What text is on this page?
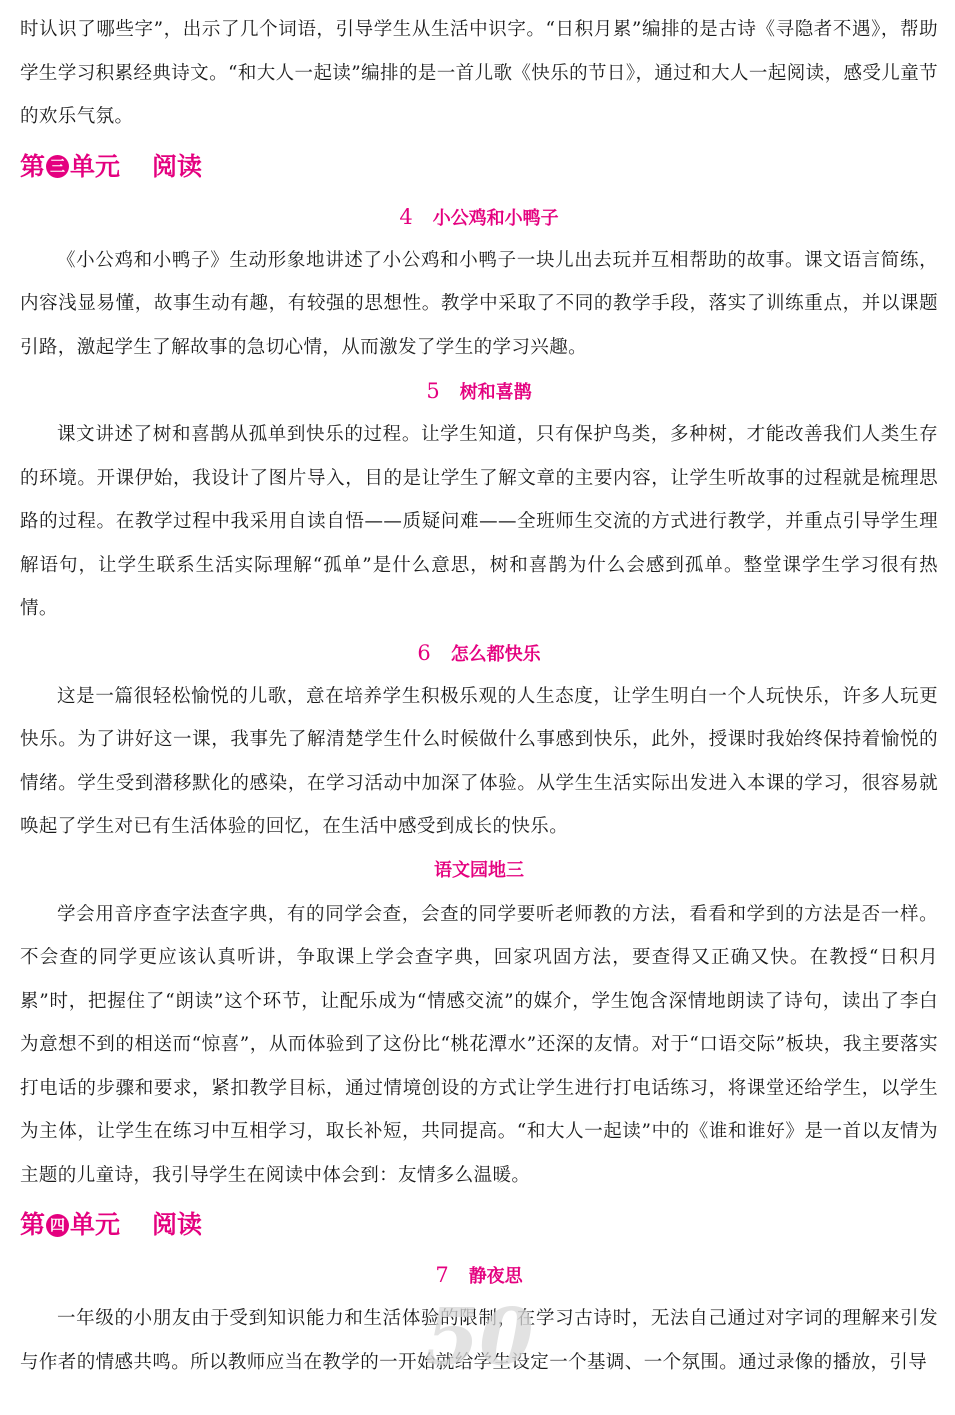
时认识了哪些字”，出示了几个词语，引导学生从生活中识字。“日积月累”编排的是古诗《寻隐者不遇》，帮助学生学习积累经典诗文。“和大人一起读”编排的是一首儿歌《快乐的节日》，通过和大人一起阅读，感受儿童节的欢乐气氛。

第 三 单元 阅读
4 小公鸡和小鸭子

《小公鸡和小鸭子》生动形象地讲述了小公鸡和小鸭子一块儿出去玩并互相帮助的故事。课文语言简练，内容浅显易懂，故事生动有趣，有较强的思想性。教学中采取了不同的教学手段，落实了训练重点，并以课题引路，激起学生了解故事的急切心情，从而激发了学生的学习兴趣。

5 树和喜鹊

课文讲述了树和喜鹊从孤单到快乐的过程。让学生知道，只有保护鸟类，多种树，才能改善我们人类生存的环境。开课伊始，我设计了图片导入，目的是让学生了解文章的主要内容，让学生听故事的过程就是梳理思路的过程。在教学过程中我采用自读自悟——质疑问难——全班师生交流的方式进行教学，并重点引导学生理解语句，让学生联系生活实际理解“孤单”是什么意思，树和喜鹊为什么会感到孤单。整堂课学生学习很有热情。

6 怎么都快乐

这是一篇很轻松愉悦的儿歌，意在培养学生积极乐观的人生态度，让学生明白一个人玩快乐，许多人玩更快乐。为了讲好这一课，我事先了解清楚学生什么时候做什么事感到快乐，此外，授课时我始终保持着愉悦的情绪。学生受到潜移默化的感染，在学习活动中加深了体验。从学生生活实际出发进入本课的学习，很容易就唤起了学生对已有生活体验的回忆，在生活中感受到成长的快乐。

语文园地三

学会用音序查字法查字典，有的同学会查，会查的同学要听老师教的方法，看看和学到的方法是否一样。不会查的同学更应该认真听讲，争取课上学会查字典，回家巩固方法，要查得又正确又快。在教授“日积月累”时，把握住了“朗读”这个环节，让配乐成为“情感交流”的媒介，学生饱含深情地朗读了诗句，读出了李白为意想不到的相送而“惊喜”，从而体验到了这份比“桃花潭水”还深的友情。对于“口语交际”板块，我主要落实打电话的步骤和要求，紧扣教学目标，通过情境创设的方式让学生进行打电话练习，将课堂还给学生，以学生为主体，让学生在练习中互相学习，取长补短，共同提高。“和大人一起读”中的《谁和谁好》是一首以友情为主题的儿童诗，我引导学生在阅读中体会到：友情多么温暖。

第 四 单元 阅读
7 静夜思

一年级的小朋友由于受到知识能力和生活体验的限制，在学习古诗时，无法自己通过对字词的理解来引发与作者的情感共鸣。所以教师应当在教学的一开始就给学生设定一个基调、一个氛围。通过录像的播放，引导

50
